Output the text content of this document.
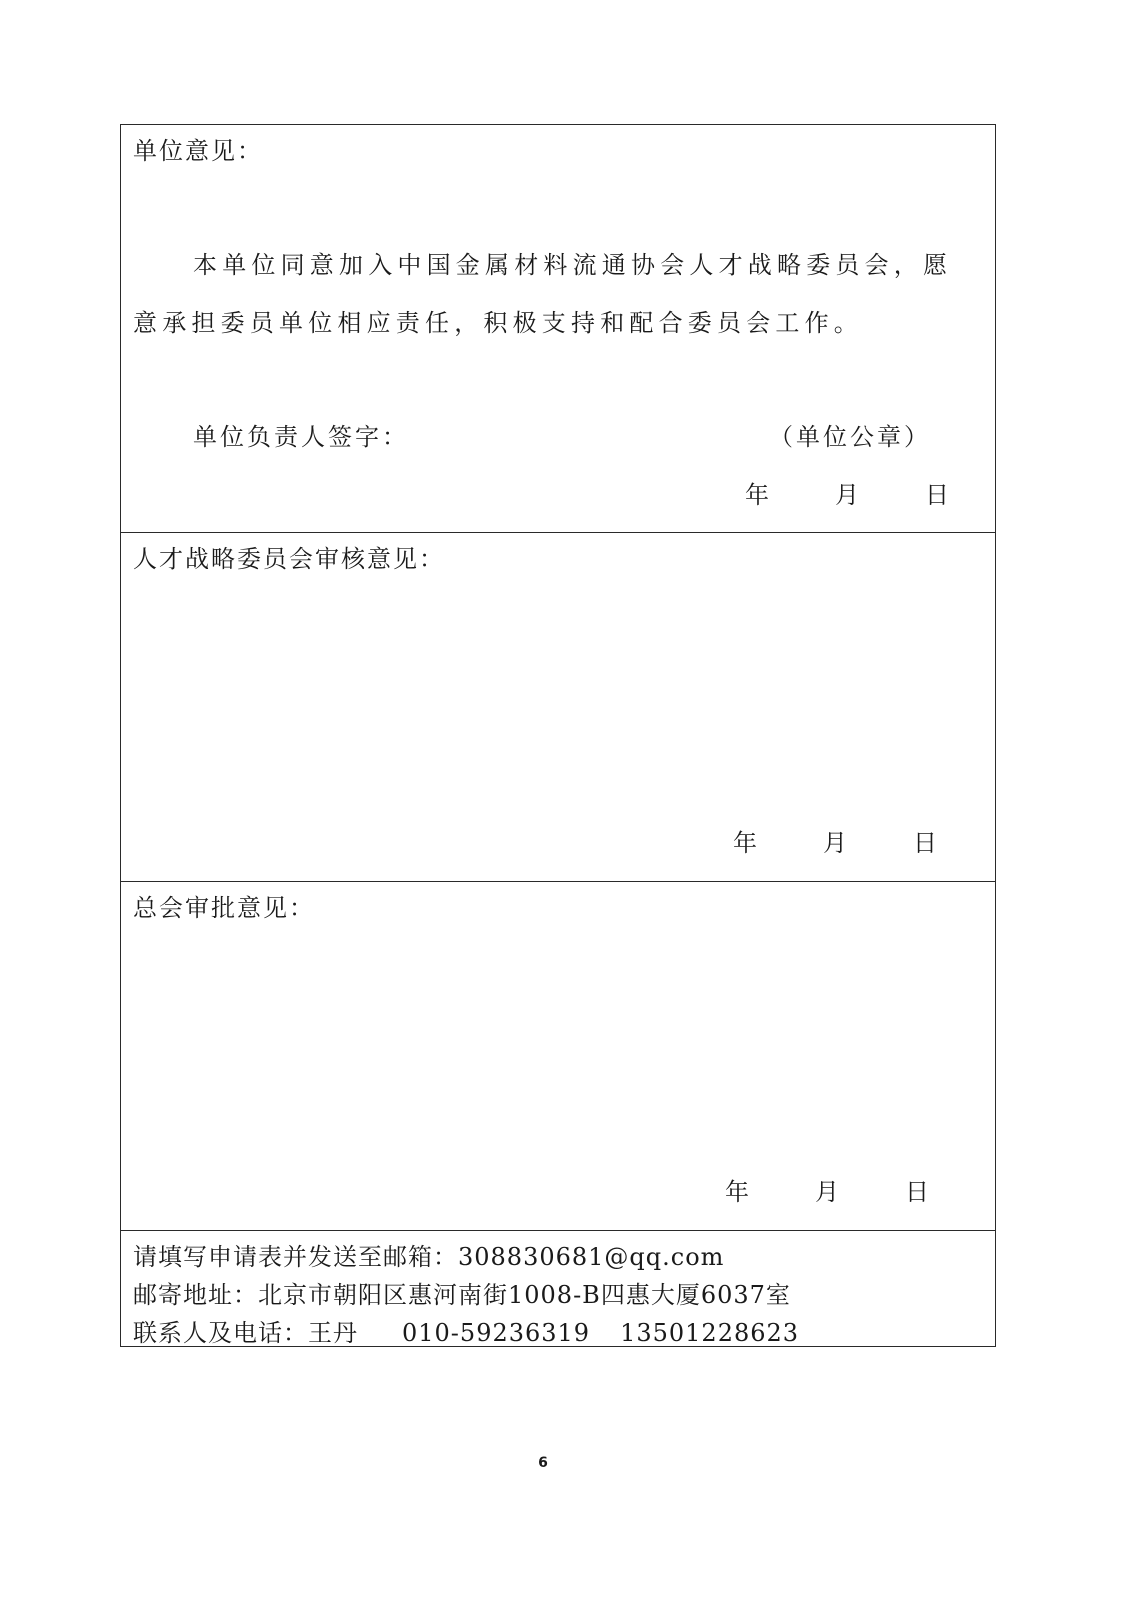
单位意见：
本单位同意加入中国金属材料流通协会人才战略委员会，愿
意承担委员单位相应责任，积极支持和配合委员会工作。
单位负责人签字：	（单位公章）
年	月	日
人才战略委员会审核意见：
年	月	日
总会审批意见：
年	月	日
请填写申请表并发送至邮箱：308830681@qq.com
邮寄地址：北京市朝阳区惠河南街1008-B四惠大厦6037室
联系人及电话：王丹 010-59236319 13501228623
6
